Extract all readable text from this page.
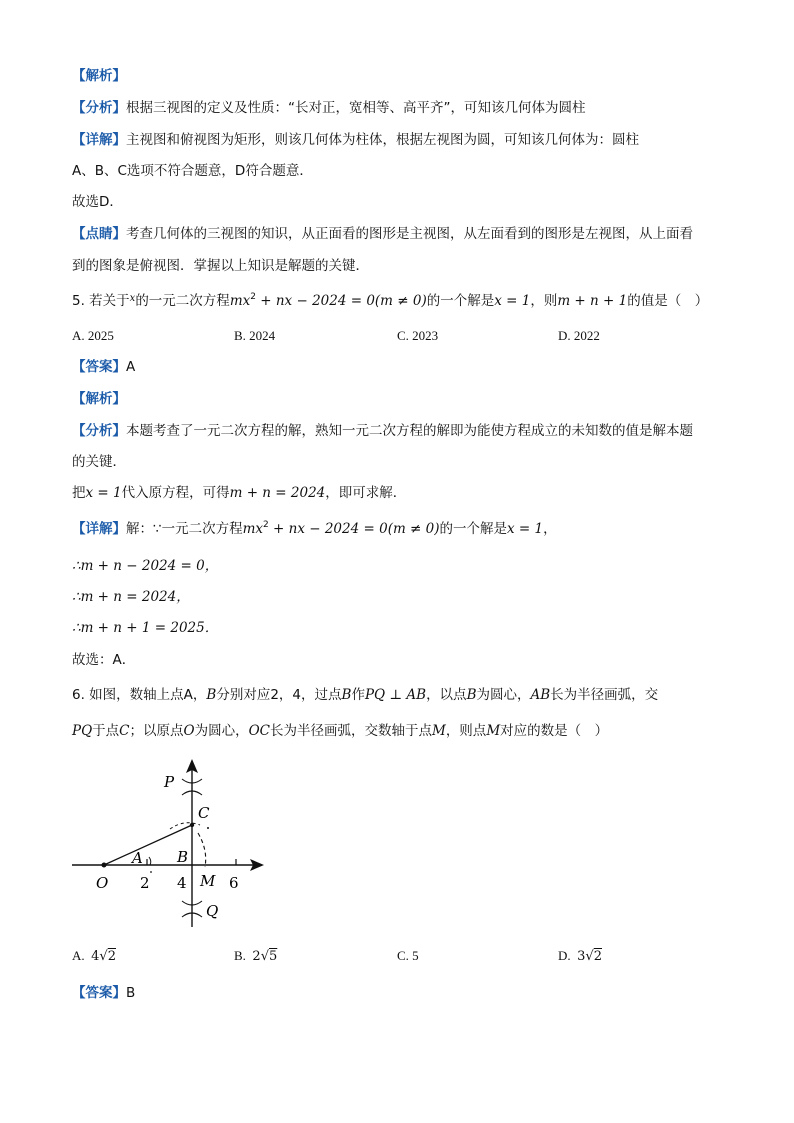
【解析】
【分析】根据三视图的定义及性质：“长对正，宽相等、高平齐”，可知该几何体为圆柱
【详解】主视图和俯视图为矩形，则该几何体为柱体，根据左视图为圆，可知该几何体为：圆柱
A、B、C选项不符合题意，D符合题意．
故选D．
【点睛】考查几何体的三视图的知识，从正面看的图形是主视图，从左面看到的图形是左视图，从上面看
到的图象是俯视图．掌握以上知识是解题的关键．
5. 若关于$^x$的一元二次方程$mx^2$ + nx − 2024 = 0(m ≠ 0)的一个解是x = 1，则m + n + 1的值是（　）
A. 2025	B. 2024	C. 2023	D. 2022
【答案】A
【解析】
【分析】本题考查了一元二次方程的解，熟知一元二次方程的解即为能使方程成立的未知数的值是解本题
的关键．
把x = 1代入原方程，可得m + n = 2024，即可求解．
【详解】解：∵一元二次方程$mx^2$ + nx − 2024 = 0(m ≠ 0)的一个解是x = 1，
∴m + n − 2024 = 0，
∴m + n = 2024，
∴m + n + 1 = 2025．
故选：A．
6. 如图，数轴上点A，B分别对应2，4，过点B作PQ ⊥ AB，以点B为圆心，AB长为半径画弧，交
PQ于点C；以原点O为圆心，OC长为半径画弧，交数轴于点M，则点M对应的数是（　）
P
C
B
A
O 2 4 M 6
Q
A. 4√2	B. 2√5	C. 5	D. 3√2
【答案】B
